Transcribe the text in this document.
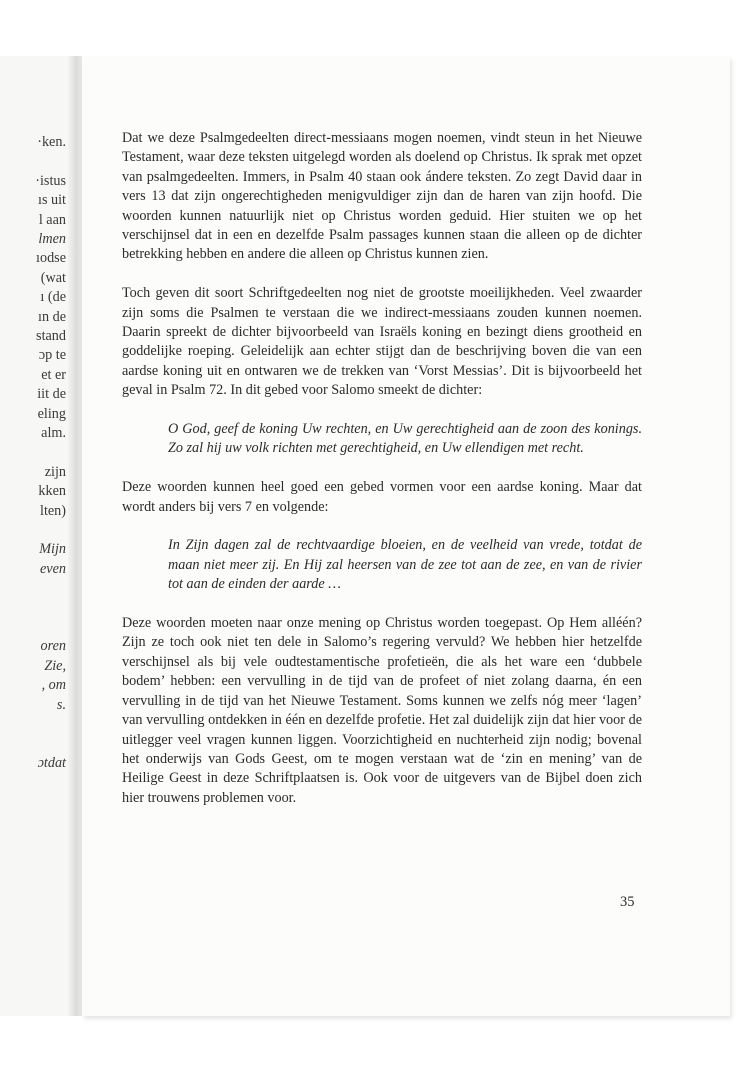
·ken.
·istus
ıs uit
l aan
lmen
ıodse
(wat
ı (de
ın de
stand
ɔp te
et er
iit de
eling
alm.
zijn
kken
lten)
Mijn
even
oren
Zie,
, om
s.
ɔtdat

Dat we deze Psalmgedeelten direct-messiaans mogen noemen, vindt steun in het Nieuwe Testament, waar deze teksten uitgelegd worden als doelend op Christus. Ik sprak met opzet van psalmgedeelten. Immers, in Psalm 40 staan ook ándere teksten. Zo zegt David daar in vers 13 dat zijn ongerechtigheden menigvuldiger zijn dan de haren van zijn hoofd. Die woorden kunnen natuurlijk niet op Christus worden geduid. Hier stuiten we op het verschijnsel dat in een en dezelfde Psalm passages kunnen staan die alleen op de dichter betrekking hebben en andere die alleen op Christus kunnen zien.

Toch geven dit soort Schriftgedeelten nog niet de grootste moeilijkheden. Veel zwaarder zijn soms die Psalmen te verstaan die we indirect-messiaans zouden kunnen noemen. Daarin spreekt de dichter bijvoorbeeld van Israëls koning en bezingt diens grootheid en goddelijke roeping. Geleidelijk aan echter stijgt dan de beschrijving boven die van een aardse koning uit en ontwaren we de trekken van ‘Vorst Messias’. Dit is bijvoorbeeld het geval in Psalm 72. In dit gebed voor Salomo smeekt de dichter:

O God, geef de koning Uw rechten, en Uw gerechtigheid aan de zoon des konings. Zo zal hij uw volk richten met gerechtigheid, en Uw ellendigen met recht.

Deze woorden kunnen heel goed een gebed vormen voor een aardse koning. Maar dat wordt anders bij vers 7 en volgende:

In Zijn dagen zal de rechtvaardige bloeien, en de veelheid van vrede, totdat de maan niet meer zij. En Hij zal heersen van de zee tot aan de zee, en van de rivier tot aan de einden der aarde …

Deze woorden moeten naar onze mening op Christus worden toegepast. Op Hem alléén? Zijn ze toch ook niet ten dele in Salomo’s regering vervuld? We hebben hier hetzelfde verschijnsel als bij vele oudtestamentische profetieën, die als het ware een ‘dubbele bodem’ hebben: een vervulling in de tijd van de profeet of niet zolang daarna, én een vervulling in de tijd van het Nieuwe Testament. Soms kunnen we zelfs nóg meer ‘lagen’ van vervulling ontdekken in één en dezelfde profetie. Het zal duidelijk zijn dat hier voor de uitlegger veel vragen kunnen liggen. Voorzichtigheid en nuchterheid zijn nodig; bovenal het onderwijs van Gods Geest, om te mogen verstaan wat de ‘zin en mening’ van de Heilige Geest in deze Schriftplaatsen is. Ook voor de uitgevers van de Bijbel doen zich hier trouwens problemen voor.

35
